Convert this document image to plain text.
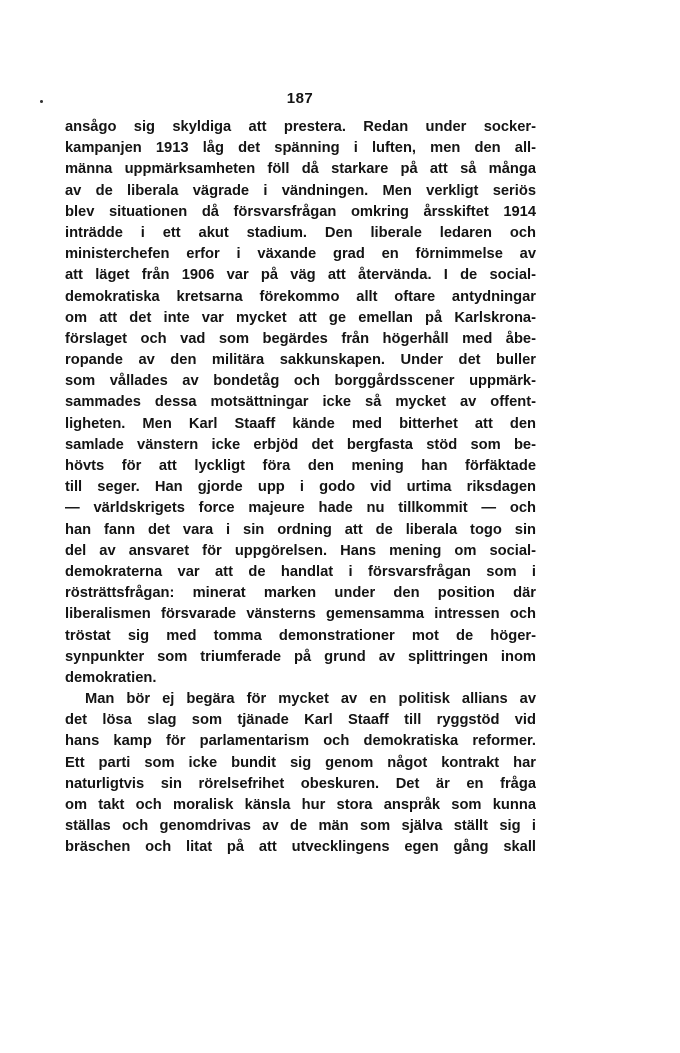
187
ansågo sig skyldiga att prestera. Redan under socker-
kampanjen 1913 låg det spänning i luften, men den all-
männa uppmärksamheten föll då starkare på att så många
av de liberala vägrade i vändningen. Men verkligt seriös
blev situationen då försvarsfrågan omkring årsskiftet 1914
inträdde i ett akut stadium. Den liberale ledaren och
ministerchefen erfor i växande grad en förnimmelse av
att läget från 1906 var på väg att återvända. I de social-
demokratiska kretsarna förekommo allt oftare antydningar
om att det inte var mycket att ge emellan på Karlskrona-
förslaget och vad som begärdes från högerhåll med åbe-
ropande av den militära sakkunskapen. Under det buller
som vållades av bondetåg och borggårdsscener uppmärk-
sammades dessa motsättningar icke så mycket av offent-
ligheten. Men Karl Staaff kände med bitterhet att den
samlade vänstern icke erbjöd det bergfasta stöd som be-
hövts för att lyckligt föra den mening han förfäktade
till seger. Han gjorde upp i godo vid urtima riksdagen
— världskrigets force majeure hade nu tillkommit — och
han fann det vara i sin ordning att de liberala togo sin
del av ansvaret för uppgörelsen. Hans mening om social-
demokraterna var att de handlat i försvarsfrågan som i
rösträttsfrågan: minerat marken under den position där
liberalismen försvarade vänsterns gemensamma intressen och
tröstat sig med tomma demonstrationer mot de höger-
synpunkter som triumferade på grund av splittringen inom
demokratien.
Man bör ej begära för mycket av en politisk allians av
det lösa slag som tjänade Karl Staaff till ryggstöd vid
hans kamp för parlamentarism och demokratiska reformer.
Ett parti som icke bundit sig genom något kontrakt har
naturligtvis sin rörelsefrihet obeskuren. Det är en fråga
om takt och moralisk känsla hur stora anspråk som kunna
ställas och genomdrivas av de män som själva ställt sig i
bräschen och litat på att utvecklingens egen gång skall
